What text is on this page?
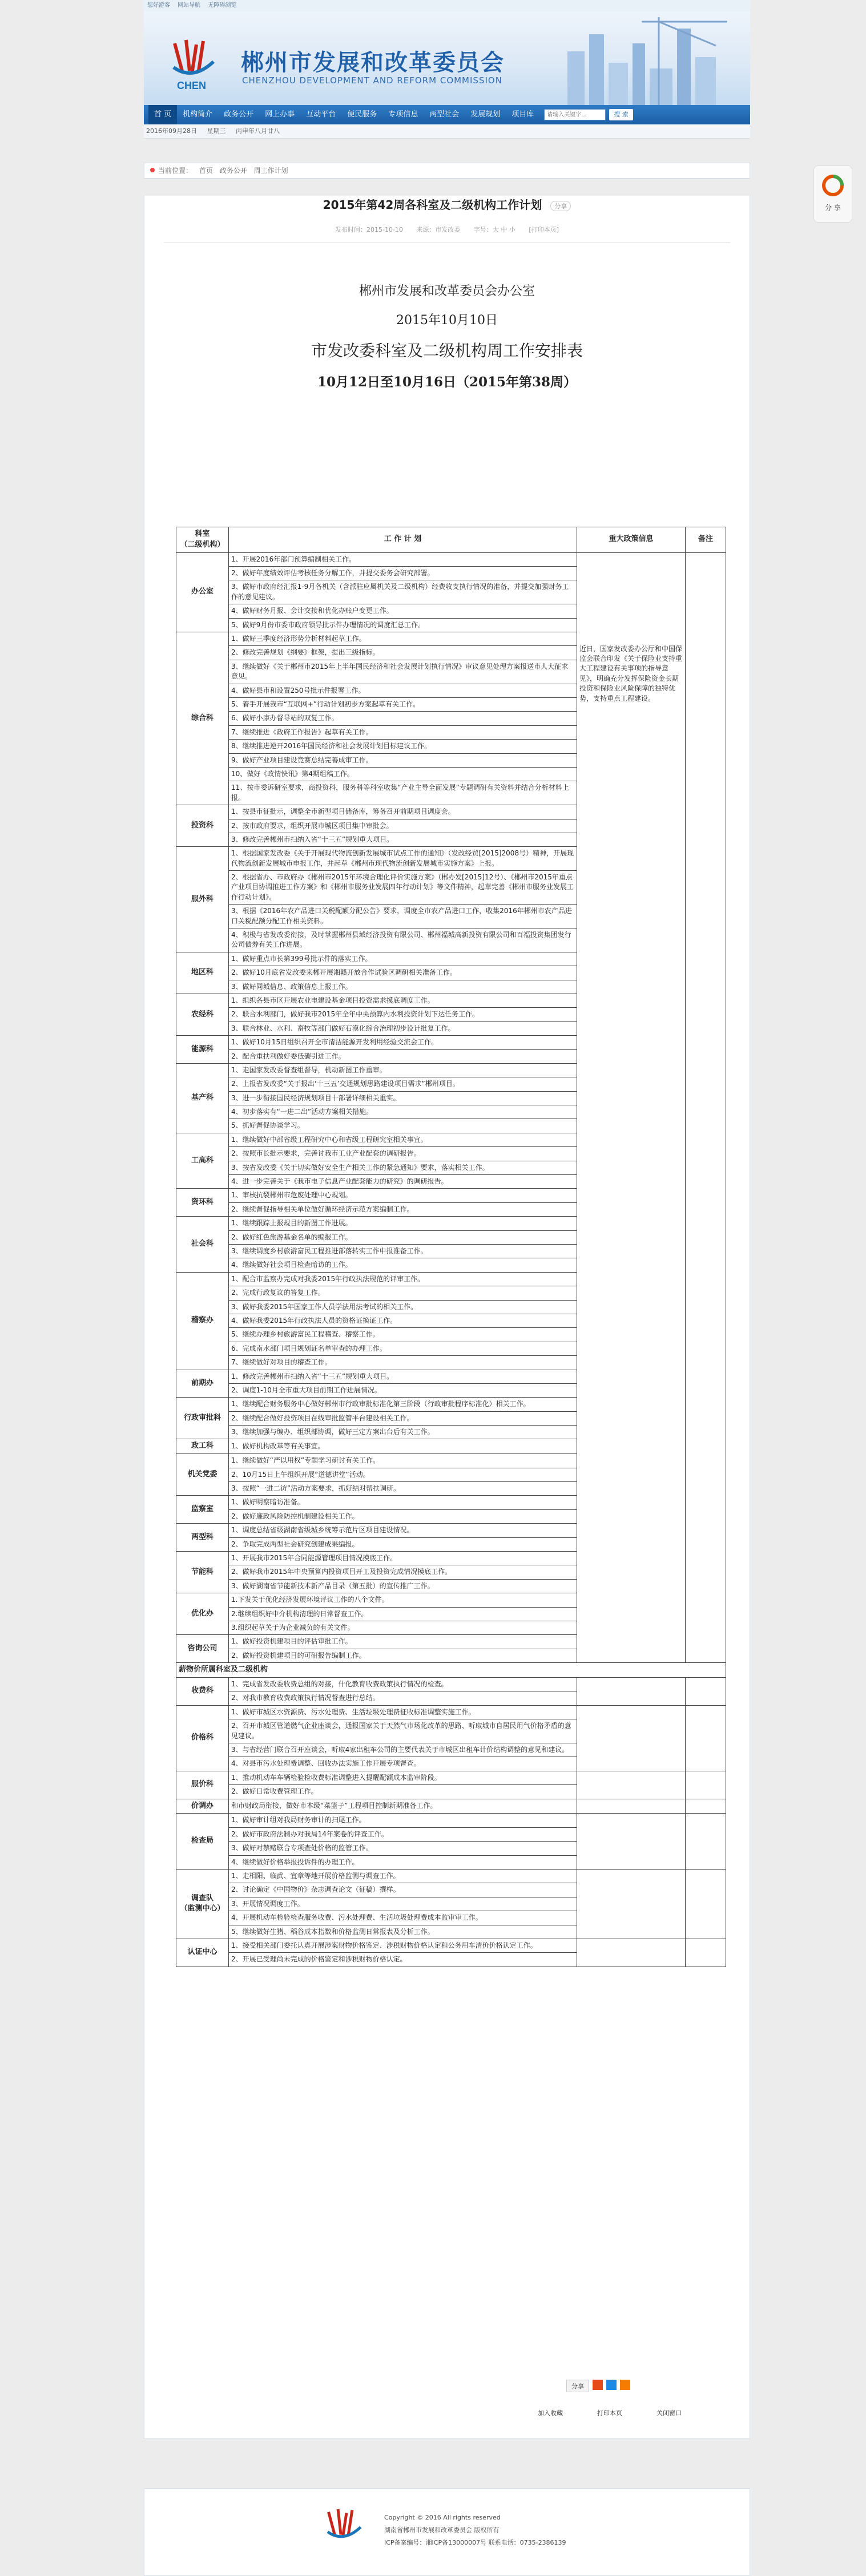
您好游客 网站导航 无障碍浏览
CHEN
郴州市发展和改革委员会
CHENZHOU DEVELOPMENT AND REFORM COMMISSION
首 页	机构简介	政务公开	网上办事	互动平台	便民服务	专项信息	两型社会	发展规划	项目库	请输入关键字...	搜 索
2016年09月28日 星期三 丙申年八月廿八
当前位置： 首页 政务公开 周工作计划
2015年第42周各科室及二级机构工作计划 分享
发布时间：2015-10-10 来源：市发改委 字号：大 中 小 [打印本页]
郴州市发展和改革委员会办公室
2015年10月10日
市发改委科室及二级机构周工作安排表
10月12日至10月16日（2015年第38周）
科室
（二级机构）	工 作 计 划	重大政策信息	备注
办公室	1、开展2016年部门预算编制相关工作。	近日，国家发改委办公厅和中国保监会联合印发《关于保险业支持重大工程建设有关事项的指导意见》，明确充分发挥保险资金长期投资和保险业风险保障的独特优势，支持重点工程建设。	
	2、做好年度绩效评估考核任务分解工作，并提交委务会研究部署。		
	3、做好市政府经汇报1-9月各机关（含派驻应属机关及二级机构）经费收支执行情况的准备，并提交加强财务工作的意见建议。		
	4、做好财务月报、会计交接和优化办账户变更工作。		
	5、做好9月份市委市政府领导批示件办理情况的调度汇总工作。		
综合科	1、做好三季度经济形势分析材料起草工作。		
	2、修改完善规划《纲要》框架，提出三级指标。		
	3、继续做好《关于郴州市2015年上半年国民经济和社会发展计划执行情况》审议意见处理方案报送市人大征求意见。		
	4、做好县市和设置250号批示件报署工作。		
	5、着手开展我市“互联网+”行动计划初步方案起草有关工作。		
	6、做好小康办督导站的双复工作。		
	7、继续推进《政府工作报告》起草有关工作。		
	8、继续推进逆开2016年国民经济和社会发展计划目标建议工作。		
	9、做好产业项目建设竞赛总结完善成审工作。		
	10、做好《政情快讯》第4期组稿工作。		
	11、按市委诉研室要求，商投资科，服务科等科室收集“产业主导全面发展”专题调研有关资料并结合分析材料上报。		
投资科	1、按县市征批示，调整全市新型项目储备库，筹备召开前期项目调度会。		
	2、按市政府要求，组织开展市城区项目集中审批会。		
	3、修改完善郴州市扫纳入省“十三五”规划重大项目。		
服外科	1、根据国家发改委《关于开展现代物流创新发展城市试点工作的通知》（发改经贸[2015]2008号）精神，开展现代物流创新发展城市申报工作，并起草《郴州市现代物流创新发展城市实施方案》上报。		
	2、根据省办、市政府办《郴州市2015年环境合理化评价实施方案》（郴办发[2015]12号）、《郴州市2015年重点产业项目协调推进工作方案》和《郴州市服务业发展四年行动计划》等文件精神，起草完善《郴州市服务业发展工作行动计划》。		
	3、根据《2016年农产品进口关税配额分配公告》要求，调度全市农产品进口工作，收集2016年郴州市农产品进口关税配额分配工作相关资料。		
	4、积极与省发改委衔接，及时掌握郴州县域经济投资有限公司、郴州福城高新投资有限公司和百福投资集团发行公司债券有关工作进展。		
地区科	1、做好重点市长第399号批示件的落实工作。		
	2、做好10月底省发改委来郴开展湘赣开放合作试验区调研相关准备工作。		
	3、做好同城信息、政策信息上报工作。		
农经科	1、组织各县市区开展农业电建设基金项目投资需求摸底调度工作。		
	2、联合水利部门，做好我市2015年全年中央预算内水利投资计划下达任务工作。		
	3、联合林业、水利、畜牧等部门做好石漠化综合治理初步设计批复工作。		
能源科	1、做好10月15日组织召开全市清洁能源开发利用经验交流会工作。		
	2、配合重扶利做好委低碳引进工作。		
基产科	1、走国家发改委督查组督导，机动新图工作重审。		
	2、上报省发改委“关于报出‘十三五’交通规划思路建设项目需求”郴州项目。		
	3、进一步衔接国民经济规划项目十部署详细相关重实。		
	4、初步落实有“一进二出”活动方案相关措施。		
	5、抓好督促协谈学习。		
工高科	1、继续做好中部省级工程研究中心和省级工程研究室相关事宜。		
	2、按照市长批示要求，完善讨我市工业产业配套的调研报告。		
	3、按省发改委《关于切实做好安全生产相关工作的紧急通知》要求，落实相关工作。		
	4、进一步完善关于《我市电子信息产业配套能力的研究》的调研报告。		
资环科	1、审核抗裂郴州市危废处理中心规划。		
	2、继续督促指导相关单位做好循环经济示范方案编制工作。		
社会科	1、继续跟踪上报规目的新图工作进展。		
	2、做好红色旅游基金名单的编报工作。		
	3、继续调度乡村旅游富民工程推进部落转实工作申报准备工作。		
	4、继续做好社会项目检查暗访的工作。		
稽察办	1、配合市监察办完成对我委2015年行政执法规范的评审工作。		
	2、完成行政复议的答复工作。		
	3、做好我委2015年国家工作人员学法用法考试的相关工作。		
	4、做好我委2015年行政执法人员的资格证换证工作。		
	5、继续办理乡村旅游富民工程稽查、稽察工作。		
	6、完成南水部门项目规划证名单审查的办理工作。		
	7、继续做好对项目的稽查工作。		
前期办	1、修改完善郴州市扫纳入省“十三五”规划重大项目。		
	2、调度1-10月全市重大项目前期工作进展情况。		
行政审批科	1、继续配合财务服务中心做好郴州市行政审批标准化第三阶段（行政审批程序标准化）相关工作。		
	2、继续配合做好投资项目在线审批监管平台建设相关工作。		
	3、继续加强与编办、组织部协调，做好三定方案出台后有关工作。		
政工科	1、做好机构改革等有关事宜。		
机关党委	1、继续做好“严以用权”专题学习研讨有关工作。		
	2、10月15日上午组织开展“道德讲堂”活动。		
	3、按照“一进二访”活动方案要求，抓好结对帮扶调研。		
监察室	1、做好明察暗访准备。		
	2、做好廉政风险防控机制建设相关工作。		
两型科	1、调度总结省级湖南省级城乡统筹示范片区项目建设情况。		
	2、争取完成两型社会研究创建成果编报。		
节能科	1、开展我市2015年合同能源管理项目情况摸底工作。		
	2、做好我市2015年中央预算内投资项目开工及投资完成情况摸底工作。		
	3、做好湖南省节能新技术新产品目录（第五批）的宣传推广工作。		
优化办	1.下发关于优化经济发展环境评议工作的八个文件。		
	2.继续组织好中介机构清理的日常督查工作。		
	3.组织起草关于为企业减负的有关文件。		
咨询公司	1、做好投资机建项目的评估审批工作。		
	2、做好投资机建项目的可研报告编制工作。		
薪物价所属科室及二级机构			
收费科	1、完成省发改委收费总组的对接，什化教育收费政策执行情况的检查。		
	2、对我市教育收费政策执行情况督查进行总结。		
价格科	1、做好市城区水资源费、污水处理费、生活垃圾处理费征收标准调整实施工作。		
	2、召开市城区管道燃气企业座谈会，通报国家关于天然气市场化改革的思路、听取城市自居民用气价格矛盾的意见建议。		
	3、与省经营门联合召开座谈会，听取4家出租车公司的主要代表关于市城区出租车计价结构调整的意见和建议。		
	4、对县市污水处理费调整、回收办法实施工作开展专项督查。		
服价科	1、推动机动车车辆检验检收费标准调整进入提醒配额成本监审阶段。		
	2、做好日常收费管理工作。		
价调办	和市财政局衔接，做好市本级“菜篮子”工程项目控制新期准备工作。		
检查局	1、做好审计组对我局财务审计的扫尾工作。		
	2、做好市政府法制办对我局14年案卷的评查工作。		
	3、做好对禁赌联合专项查处价格的监管工作。		
	4、继续做好价格举报投诉件的办理工作。		
调查队
（监测中心）	1、走相阳、临武、宜章等地开展价格监测与调查工作。		
	2、讨论确定《中国物价》杂志调查论文（征稿）撰样。		
	3、开展情况调度工作。		
	4、开展机动车检验检查服务收费、污水处理费、生活垃圾处理费成本监审审工作。		
	5、继续做好生猪、稻谷成本指数和价格监测日常报表及分析工作。		
认证中心	1、接受相关部门委托认真开展涉案财物价格鉴定、涉税财物价格认定和公务用车清价价格认定工作。		
	2、开展已受理尚未完成的价格鉴定和涉税财物价格认定。		
分享
加入收藏	打印本页	关闭窗口
Copyright © 2016 All rights reserved
湖南省郴州市发展和改革委员会 版权所有
ICP备案编号：湘ICP备13000007号 联系电话：0735-2386139
分 享
